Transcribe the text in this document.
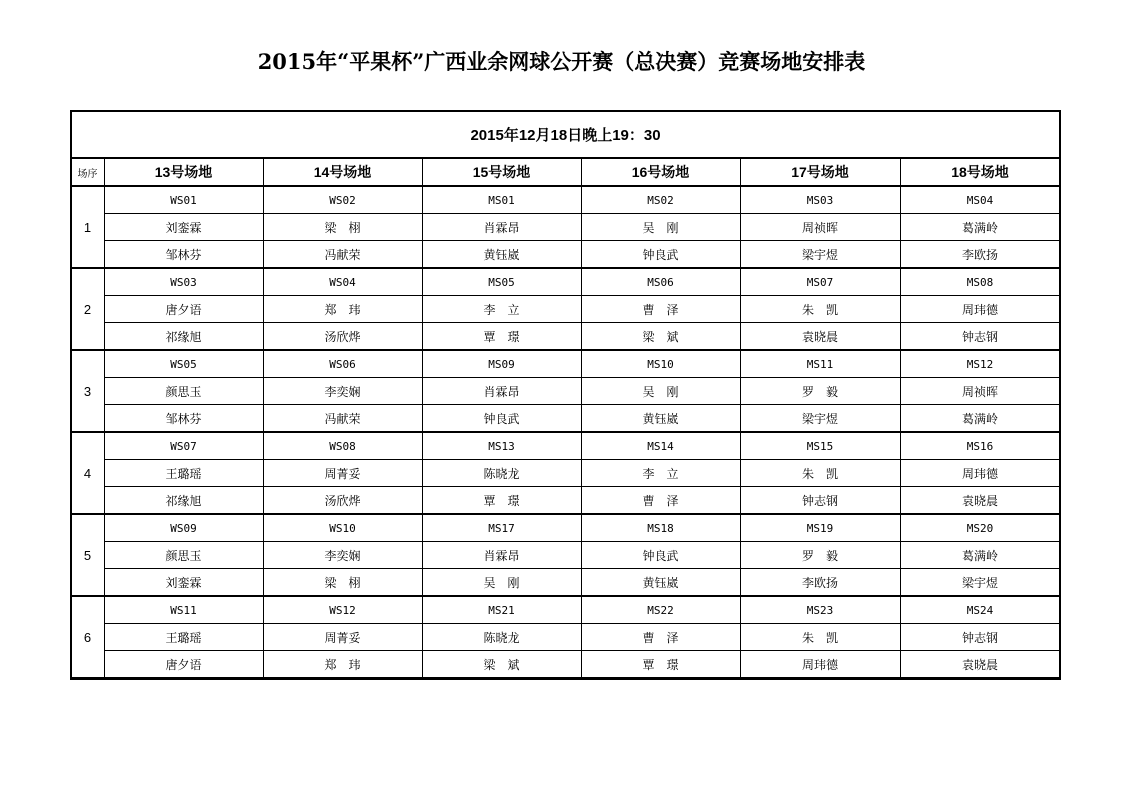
2015年“平果杯”广西业余网球公开赛（总决赛）竞赛场地安排表
2015年12月18日晚上19：30						
场序	13号场地	14号场地	15号场地	16号场地	17号场地	18号场地
1	WS01	WS02	MS01	MS02	MS03	MS04
	刘銮霖	梁　栩	肖霖昂	吴　刚	周祯晖	葛满岭
	邹林芬	冯献荣	黄钰崴	钟良武	梁宇煜	李欧扬
2	WS03	WS04	MS05	MS06	MS07	MS08
	唐夕语	郑　玮	李　立	曹　泽	朱　凯	周玮德
	祁缘旭	汤欣烨	覃　璟	梁　斌	袁晓晨	钟志钢
3	WS05	WS06	MS09	MS10	MS11	MS12
	颜思玉	李奕娴	肖霖昂	吴　刚	罗　毅	周祯晖
	邹林芬	冯献荣	钟良武	黄钰崴	梁宇煜	葛满岭
4	WS07	WS08	MS13	MS14	MS15	MS16
	王璐瑶	周菁妥	陈晓龙	李　立	朱　凯	周玮德
	祁缘旭	汤欣烨	覃　璟	曹　泽	钟志钢	袁晓晨
5	WS09	WS10	MS17	MS18	MS19	MS20
	颜思玉	李奕娴	肖霖昂	钟良武	罗　毅	葛满岭
	刘銮霖	梁　栩	吴　刚	黄钰崴	李欧扬	梁宇煜
6	WS11	WS12	MS21	MS22	MS23	MS24
	王璐瑶	周菁妥	陈晓龙	曹　泽	朱　凯	钟志钢
	唐夕语	郑　玮	梁　斌	覃　璟	周玮德	袁晓晨
